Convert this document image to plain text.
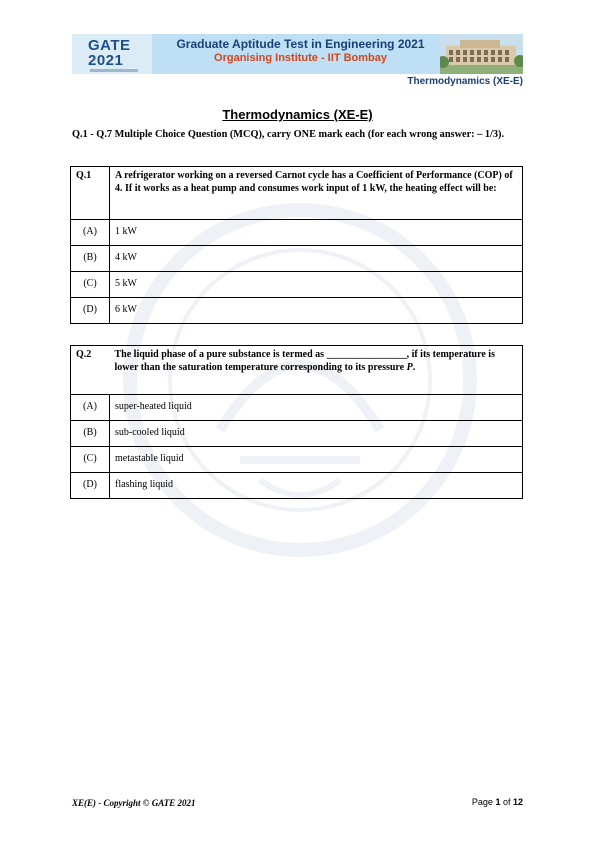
GATE
2021
Graduate Aptitude Test in Engineering 2021
Organising Institute - IIT Bombay
Thermodynamics (XE-E)
Thermodynamics (XE-E)
Q.1 - Q.7 Multiple Choice Question (MCQ), carry ONE mark each (for each wrong answer: – 1/3).
Q.1	A refrigerator working on a reversed Carnot cycle has a Coefficient of Performance (COP) of 4. If it works as a heat pump and consumes work input of 1 kW, the heating effect will be:
(A)	1 kW
(B)	4 kW
(C)	5 kW
(D)	6 kW
Q.2	The liquid phase of a pure substance is termed as ________________, if its temperature is lower than the saturation temperature corresponding to its pressure P.
(A)	super-heated liquid
(B)	sub-cooled liquid
(C)	metastable liquid
(D)	flashing liquid
XE(E) - Copyright © GATE 2021	Page 1 of 12
